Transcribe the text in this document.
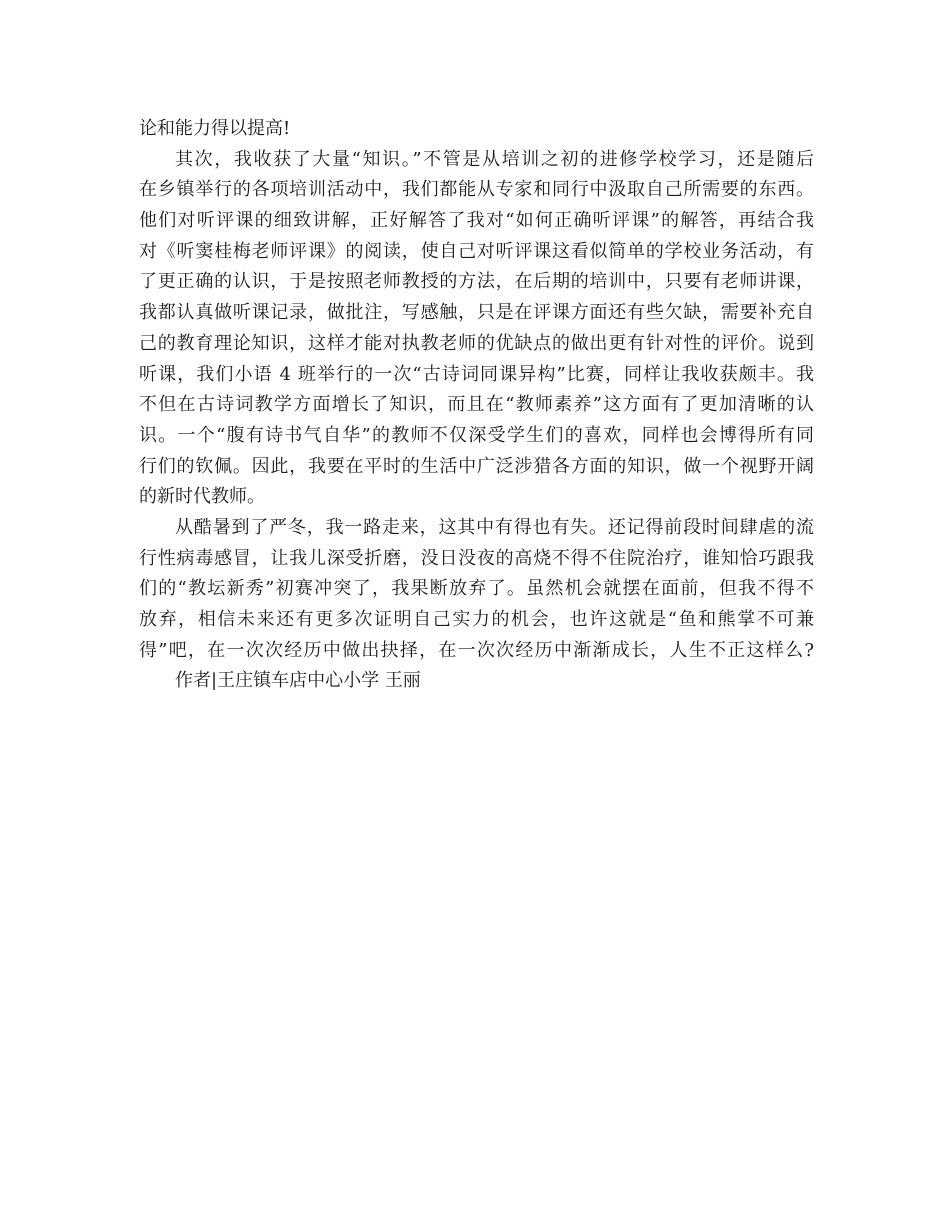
论和能力得以提高!
其次，我收获了大量“知识。”不管是从培训之初的进修学校学习，还是随后
在乡镇举行的各项培训活动中，我们都能从专家和同行中汲取自己所需要的东西。
他们对听评课的细致讲解，正好解答了我对“如何正确听评课”的解答，再结合我
对《听窦桂梅老师评课》的阅读，使自己对听评课这看似简单的学校业务活动，有
了更正确的认识，于是按照老师教授的方法，在后期的培训中，只要有老师讲课，
我都认真做听课记录，做批注，写感触，只是在评课方面还有些欠缺，需要补充自
己的教育理论知识，这样才能对执教老师的优缺点的做出更有针对性的评价。说到
听课，我们小语 4 班举行的一次“古诗词同课异构”比赛，同样让我收获颇丰。我
不但在古诗词教学方面增长了知识，而且在“教师素养”这方面有了更加清晰的认
识。一个“腹有诗书气自华”的教师不仅深受学生们的喜欢，同样也会博得所有同
行们的钦佩。因此，我要在平时的生活中广泛涉猎各方面的知识，做一个视野开阔
的新时代教师。
从酷暑到了严冬，我一路走来，这其中有得也有失。还记得前段时间肆虐的流
行性病毒感冒，让我儿深受折磨，没日没夜的高烧不得不住院治疗，谁知恰巧跟我
们的“教坛新秀”初赛冲突了，我果断放弃了。虽然机会就摆在面前，但我不得不
放弃，相信未来还有更多次证明自己实力的机会，也许这就是“鱼和熊掌不可兼
得”吧，在一次次经历中做出抉择，在一次次经历中渐渐成长，人生不正这样么?
作者|王庄镇车店中心小学 王丽
